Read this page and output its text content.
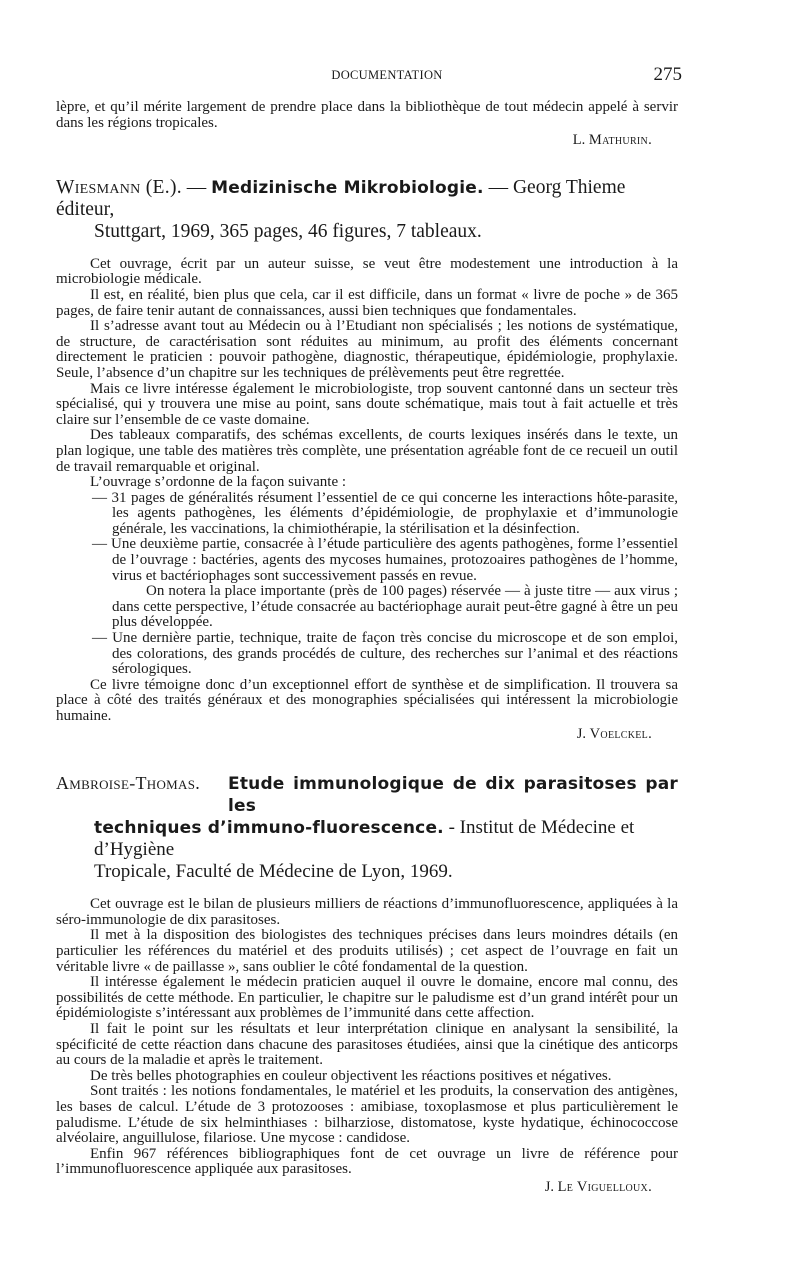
DOCUMENTATION	275

lèpre, et qu’il mérite largement de prendre place dans la bibliothèque de tout médecin appelé à servir dans les régions tropicales.

L. Mathurin.
Wiesmann (E.). — Medizinische Mikrobiologie. — Georg Thieme éditeur,
Stuttgart, 1969, 365 pages, 46 figures, 7 tableaux.

Cet ouvrage, écrit par un auteur suisse, se veut être modestement une introduction à la microbiologie médicale.

Il est, en réalité, bien plus que cela, car il est difficile, dans un format « livre de poche » de 365 pages, de faire tenir autant de connaissances, aussi bien techniques que fondamentales.

Il s’adresse avant tout au Médecin ou à l’Etudiant non spécialisés ; les notions de systématique, de structure, de caractérisation sont réduites au minimum, au profit des éléments concernant directement le praticien : pouvoir pathogène, diagnostic, thérapeutique, épidémiologie, prophylaxie. Seule, l’absence d’un chapitre sur les techniques de prélèvements peut être regrettée.

Mais ce livre intéresse également le microbiologiste, trop souvent cantonné dans un secteur très spécialisé, qui y trouvera une mise au point, sans doute schématique, mais tout à fait actuelle et très claire sur l’ensemble de ce vaste domaine.

Des tableaux comparatifs, des schémas excellents, de courts lexiques insérés dans le texte, un plan logique, une table des matières très complète, une présentation agréable font de ce recueil un outil de travail remarquable et original.

L’ouvrage s’ordonne de la façon suivante :

— 31 pages de généralités résument l’essentiel de ce qui concerne les interactions hôte-parasite, les agents pathogènes, les éléments d’épidémiologie, de prophylaxie et d’immunologie générale, les vaccinations, la chimiothérapie, la stérilisation et la désinfection.

— Une deuxième partie, consacrée à l’étude particulière des agents pathogènes, forme l’essentiel de l’ouvrage : bactéries, agents des mycoses humaines, protozoaires pathogènes de l’homme, virus et bactériophages sont successivement passés en revue.

On notera la place importante (près de 100 pages) réservée — à juste titre — aux virus ; dans cette perspective, l’étude consacrée au bactériophage aurait peut-être gagné à être un peu plus développée.

— Une dernière partie, technique, traite de façon très concise du microscope et de son emploi, des colorations, des grands procédés de culture, des recherches sur l’animal et des réactions sérologiques.

Ce livre témoigne donc d’un exceptionnel effort de synthèse et de simplification. Il trouvera sa place à côté des traités généraux et des monographies spécialisées qui intéressent la microbiologie humaine.

J. Voelckel.
Ambroise-Thomas.	Etude immunologique de dix parasitoses par les
techniques d’immuno-fluorescence. - Institut de Médecine et d’Hygiène
Tropicale, Faculté de Médecine de Lyon, 1969.

Cet ouvrage est le bilan de plusieurs milliers de réactions d’immunofluorescence, appliquées à la séro-immunologie de dix parasitoses.

Il met à la disposition des biologistes des techniques précises dans leurs moindres détails (en particulier les références du matériel et des produits utilisés) ; cet aspect de l’ouvrage en fait un véritable livre « de paillasse », sans oublier le côté fondamental de la question.

Il intéresse également le médecin praticien auquel il ouvre le domaine, encore mal connu, des possibilités de cette méthode. En particulier, le chapitre sur le paludisme est d’un grand intérêt pour un épidémiologiste s’intéressant aux problèmes de l’immunité dans cette affection.

Il fait le point sur les résultats et leur interprétation clinique en analysant la sensibilité, la spécificité de cette réaction dans chacune des parasitoses étudiées, ainsi que la cinétique des anticorps au cours de la maladie et après le traitement.

De très belles photographies en couleur objectivent les réactions positives et négatives.

Sont traités : les notions fondamentales, le matériel et les produits, la conservation des antigènes, les bases de calcul. L’étude de 3 protozooses : amibiase, toxoplasmose et plus particulièrement le paludisme. L’étude de six helminthiases : bilharziose, distomatose, kyste hydatique, échinococcose alvéolaire, anguillulose, filariose. Une mycose : candidose.

Enfin 967 références bibliographiques font de cet ouvrage un livre de référence pour l’immunofluorescence appliquée aux parasitoses.

J. Le Viguelloux.
